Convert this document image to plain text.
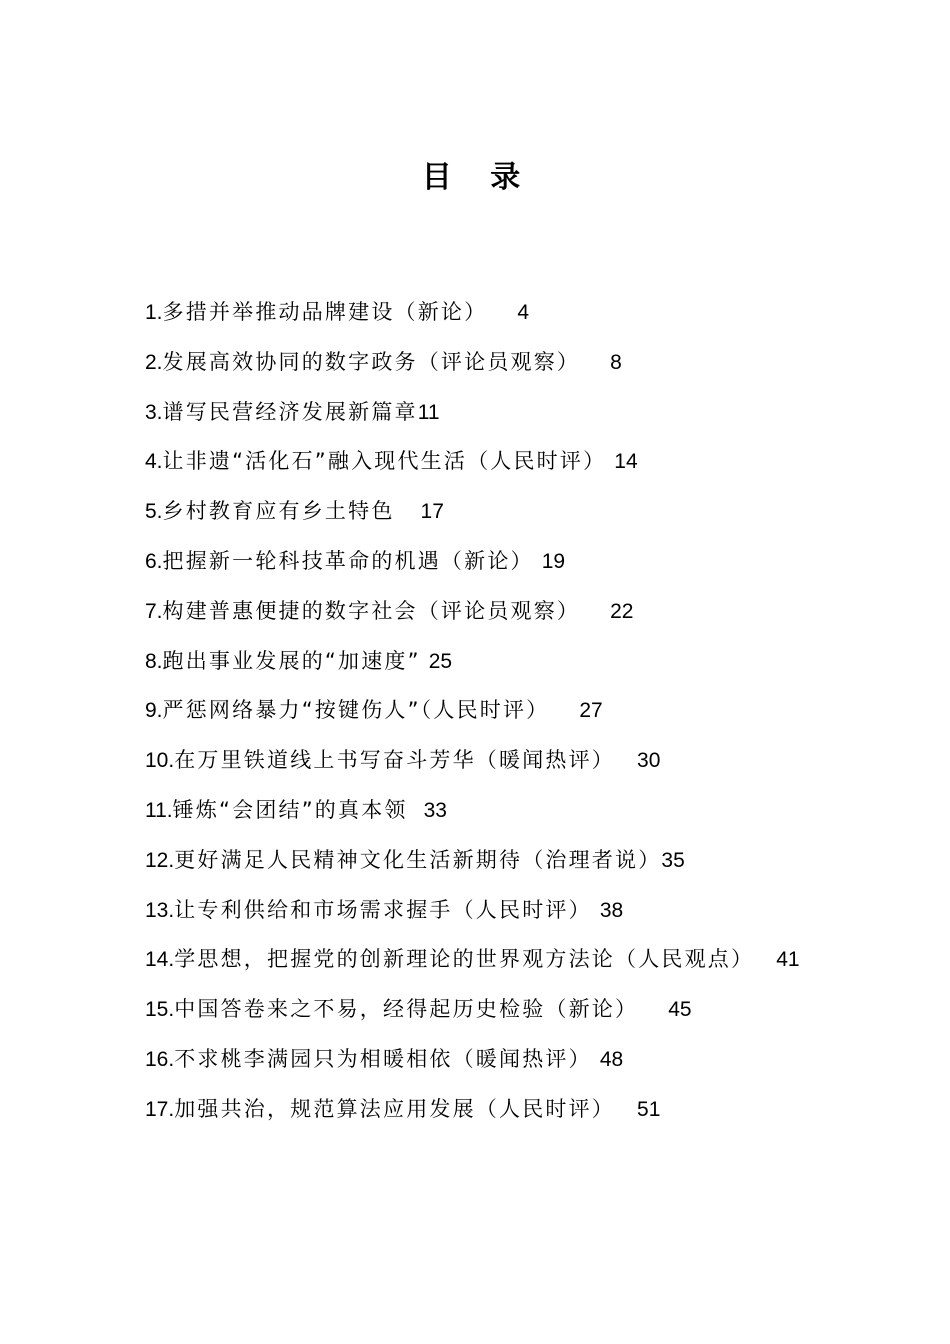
目 录
1.多措并举推动品牌建设（新论） 4
2.发展高效协同的数字政务（评论员观察） 8
3.谱写民营经济发展新篇章11
4.让非遗“活化石”融入现代生活（人民时评） 14
5.乡村教育应有乡土特色 17
6.把握新一轮科技革命的机遇（新论） 19
7.构建普惠便捷的数字社会（评论员观察） 22
8.跑出事业发展的“加速度” 25
9.严惩网络暴力“按键伤人”（人民时评） 27
10.在万里铁道线上书写奋斗芳华（暖闻热评） 30
11.锤炼“会团结”的真本领 33
12.更好满足人民精神文化生活新期待（治理者说）35
13.让专利供给和市场需求握手（人民时评） 38
14.学思想，把握党的创新理论的世界观方法论（人民观点） 41
15.中国答卷来之不易，经得起历史检验（新论） 45
16.不求桃李满园只为相暖相依（暖闻热评） 48
17.加强共治，规范算法应用发展（人民时评） 51
